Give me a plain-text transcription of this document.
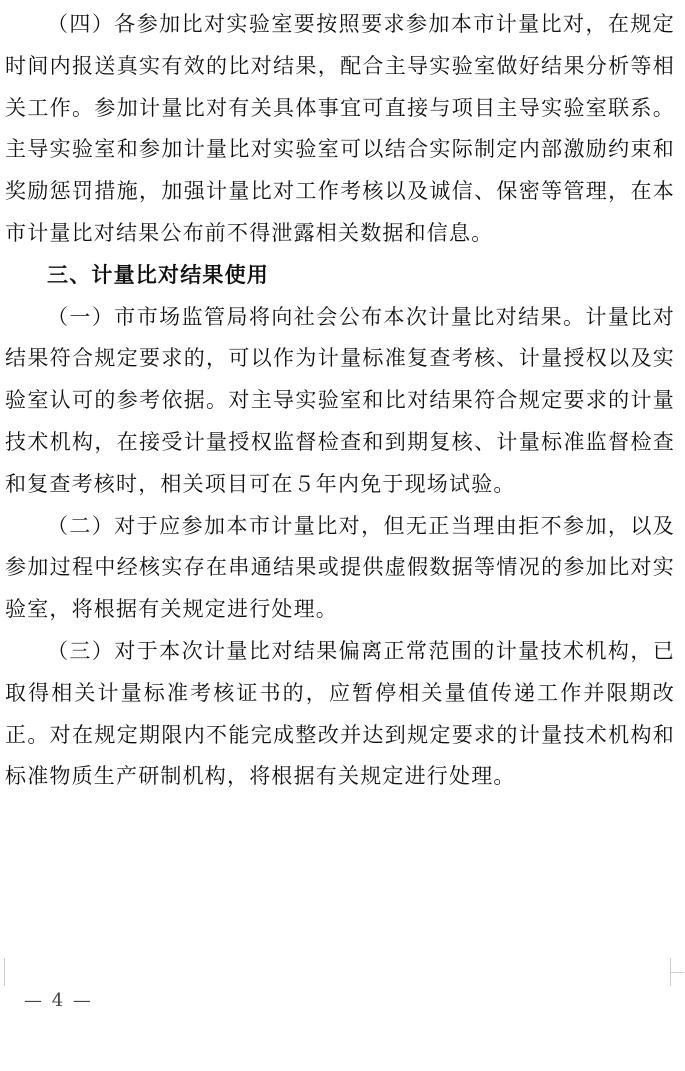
（四）各参加比对实验室要按照要求参加本市计量比对，在规定时间内报送真实有效的比对结果，配合主导实验室做好结果分析等相关工作。参加计量比对有关具体事宜可直接与项目主导实验室联系。主导实验室和参加计量比对实验室可以结合实际制定内部激励约束和奖励惩罚措施，加强计量比对工作考核以及诚信、保密等管理，在本市计量比对结果公布前不得泄露相关数据和信息。

三、计量比对结果使用

（一）市市场监管局将向社会公布本次计量比对结果。计量比对结果符合规定要求的，可以作为计量标准复查考核、计量授权以及实验室认可的参考依据。对主导实验室和比对结果符合规定要求的计量技术机构，在接受计量授权监督检查和到期复核、计量标准监督检查和复查考核时，相关项目可在５年内免于现场试验。

（二）对于应参加本市计量比对，但无正当理由拒不参加，以及参加过程中经核实存在串通结果或提供虚假数据等情况的参加比对实验室，将根据有关规定进行处理。

（三）对于本次计量比对结果偏离正常范围的计量技术机构，已取得相关计量标准考核证书的，应暂停相关量值传递工作并限期改正。对在规定期限内不能完成整改并达到规定要求的计量技术机构和标准物质生产研制机构，将根据有关规定进行处理。

— 4 —
